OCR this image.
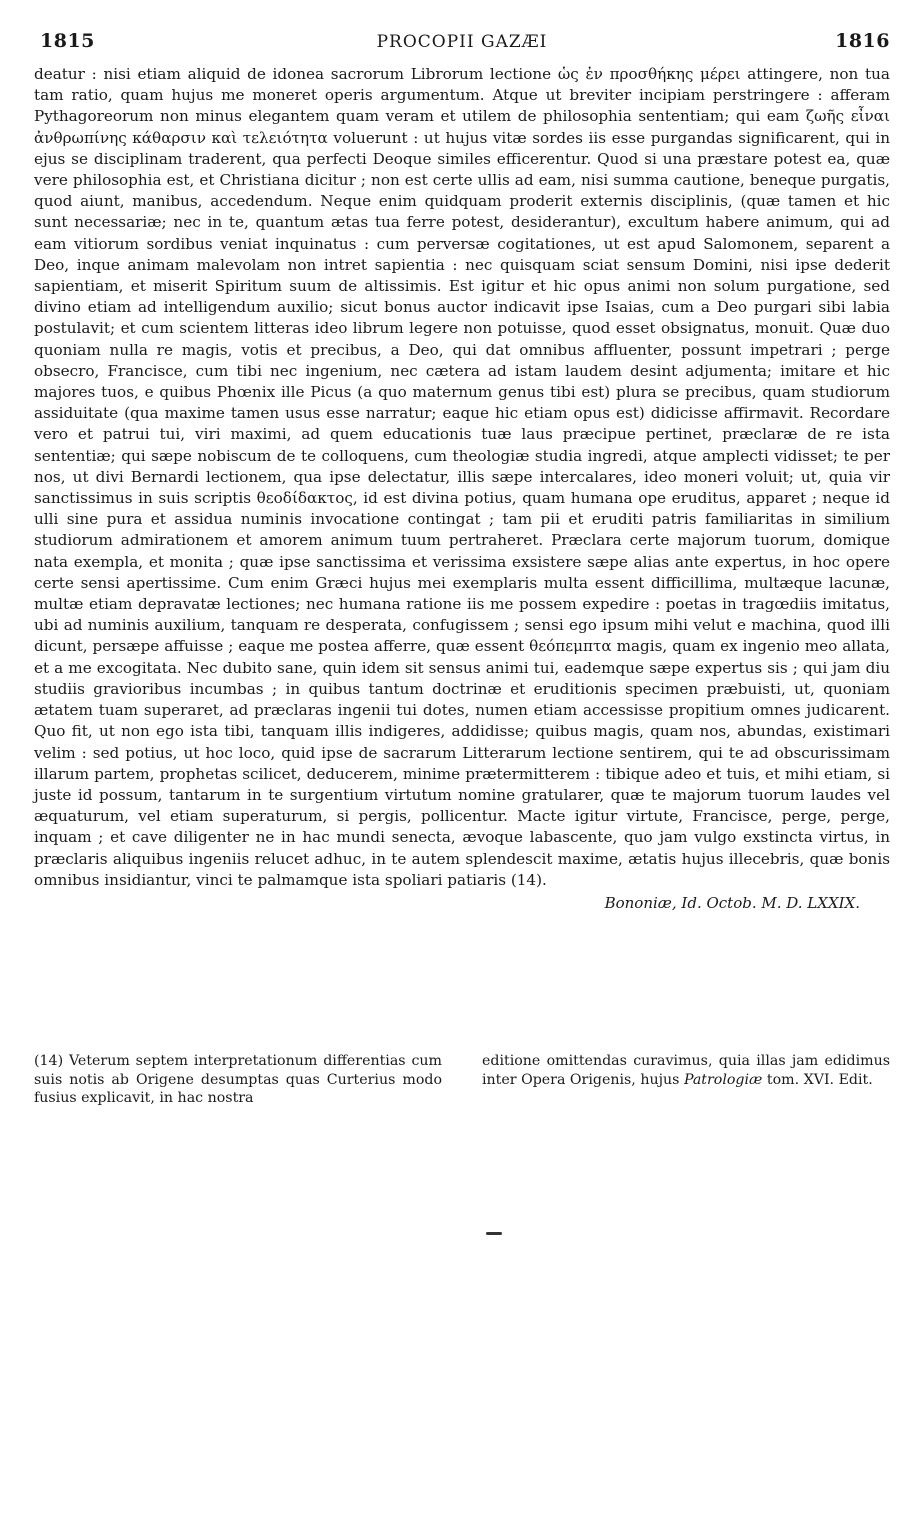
1815	PROCOPII GAZÆI	1816

deatur : nisi etiam aliquid de idonea sacrorum Librorum lectione ὡς ἐν προσθήκης μέρει attingere, non tua tam ratio, quam hujus me moneret operis argumentum. Atque ut breviter incipiam perstringere : afferam Pythagoreorum non minus elegantem quam veram et utilem de philosophia sententiam; qui eam ζωῆς εἶναι ἀνθρωπίνης κάθαρσιν καὶ τελειότητα voluerunt : ut hujus vitæ sordes iis esse purgandas significarent, qui in ejus se disciplinam traderent, qua perfecti Deoque similes efficerentur. Quod si una præstare potest ea, quæ vere philosophia est, et Christiana dicitur ; non est certe ullis ad eam, nisi summa cautione, beneque purgatis, quod aiunt, manibus, accedendum. Neque enim quidquam proderit externis disciplinis, (quæ tamen et hic sunt necessariæ; nec in te, quantum ætas tua ferre potest, desiderantur), excultum habere animum, qui ad eam vitiorum sordibus veniat inquinatus : cum perversæ cogitationes, ut est apud Salomonem, separent a Deo, inque animam malevolam non intret sapientia : nec quisquam sciat sensum Domini, nisi ipse dederit sapientiam, et miserit Spiritum suum de altissimis. Est igitur et hic opus animi non solum purgatione, sed divino etiam ad intelligendum auxilio; sicut bonus auctor indicavit ipse Isaias, cum a Deo purgari sibi labia postulavit; et cum scientem litteras ideo librum legere non potuisse, quod esset obsignatus, monuit. Quæ duo quoniam nulla re magis, votis et precibus, a Deo, qui dat omnibus affluenter, possunt impetrari ; perge obsecro, Francisce, cum tibi nec ingenium, nec cætera ad istam laudem desint adjumenta; imitare et hic majores tuos, e quibus Phœnix ille Picus (a quo maternum genus tibi est) plura se precibus, quam studiorum assiduitate (qua maxime tamen usus esse narratur; eaque hic etiam opus est) didicisse affirmavit. Recordare vero et patrui tui, viri maximi, ad quem educationis tuæ laus præcipue pertinet, præclaræ de re ista sententiæ; qui sæpe nobiscum de te colloquens, cum theologiæ studia ingredi, atque amplecti vidisset; te per nos, ut divi Bernardi lectionem, qua ipse delectatur, illis sæpe intercalares, ideo moneri voluit; ut, quia vir sanctissimus in suis scriptis θεοδίδακτος, id est divina potius, quam humana ope eruditus, apparet ; neque id ulli sine pura et assidua numinis invocatione contingat ; tam pii et eruditi patris familiaritas in similium studiorum admirationem et amorem animum tuum pertraheret. Præclara certe majorum tuorum, domique nata exempla, et monita ; quæ ipse sanctissima et verissima exsistere sæpe alias ante expertus, in hoc opere certe sensi apertissime. Cum enim Græci hujus mei exemplaris multa essent difficillima, multæque lacunæ, multæ etiam depravatæ lectiones; nec humana ratione iis me possem expedire : poetas in tragœdiis imitatus, ubi ad numinis auxilium, tanquam re desperata, confugissem ; sensi ego ipsum mihi velut e machina, quod illi dicunt, persæpe affuisse ; eaque me postea afferre, quæ essent θεόπεμπτα magis, quam ex ingenio meo allata, et a me excogitata. Nec dubito sane, quin idem sit sensus animi tui, eademque sæpe expertus sis ; qui jam diu studiis gravioribus incumbas ; in quibus tantum doctrinæ et eruditionis specimen præbuisti, ut, quoniam ætatem tuam superaret, ad præclaras ingenii tui dotes, numen etiam accessisse propitium omnes judicarent. Quo fit, ut non ego ista tibi, tanquam illis indigeres, addidisse; quibus magis, quam nos, abundas, existimari velim : sed potius, ut hoc loco, quid ipse de sacrarum Litterarum lectione sentirem, qui te ad obscurissimam illarum partem, prophetas scilicet, deducerem, minime prætermitterem : tibique adeo et tuis, et mihi etiam, si juste id possum, tantarum in te surgentium virtutum nomine gratularer, quæ te majorum tuorum laudes vel æquaturum, vel etiam superaturum, si pergis, pollicentur. Macte igitur virtute, Francisce, perge, perge, inquam ; et cave diligenter ne in hac mundi senecta, ævoque labascente, quo jam vulgo exstincta virtus, in præclaris aliquibus ingeniis relucet adhuc, in te autem splendescit maxime, ætatis hujus illecebris, quæ bonis omnibus insidiantur, vinci te palmamque ista spoliari patiaris (14).

Bononiæ, Id. Octob. M. D. LXXIX.
(14) Veterum septem interpretationum differentias cum suis notis ab Origene desumptas quas Curterius modo fusius explicavit, in hac nostra
editione omittendas curavimus, quia illas jam edidimus inter Opera Origenis, hujus Patrologiæ tom. XVI. Edit.
